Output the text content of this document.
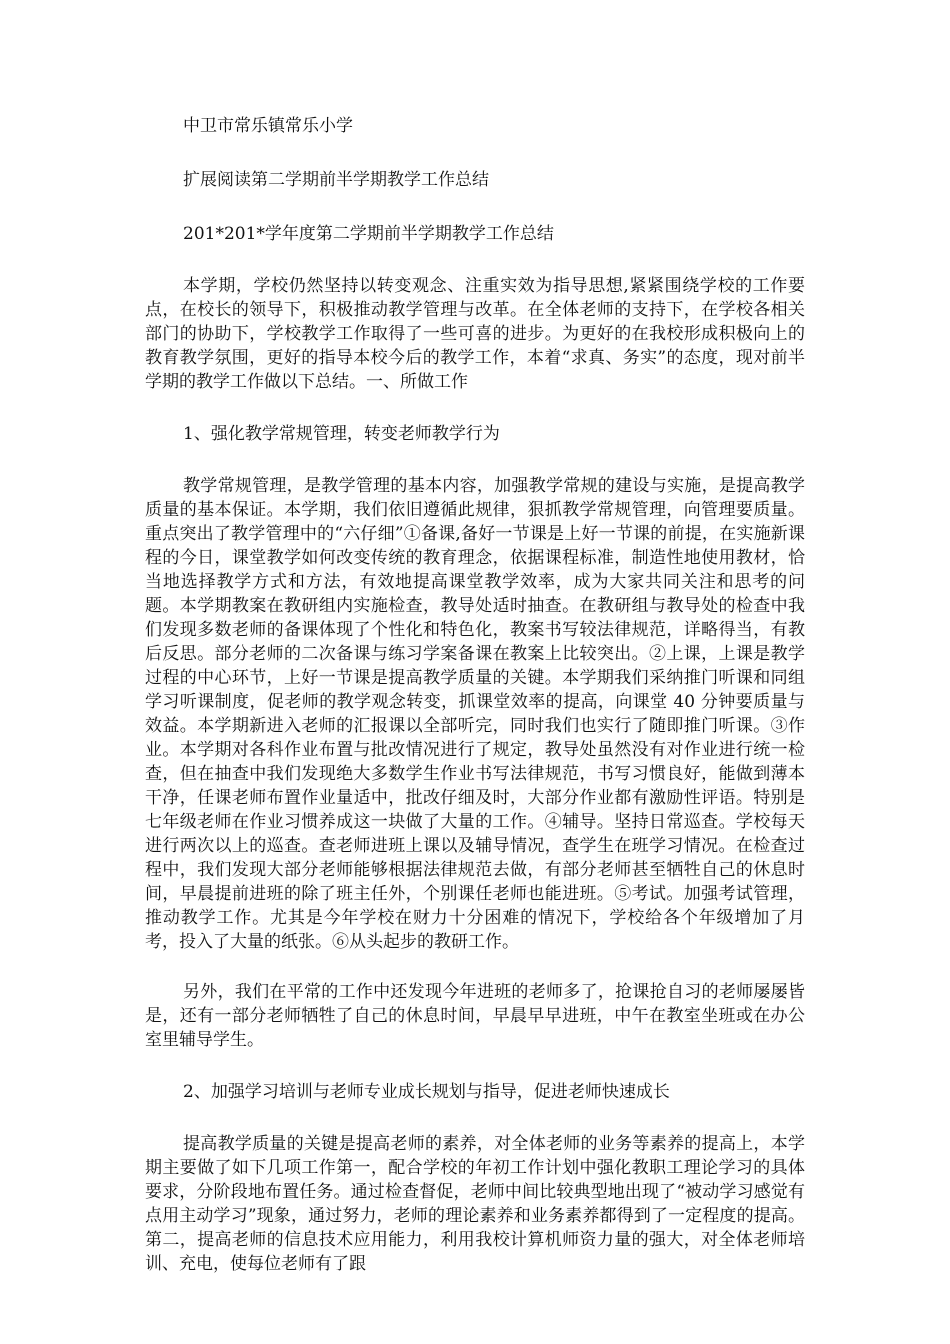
中卫市常乐镇常乐小学
扩展阅读第二学期前半学期教学工作总结
201*201*学年度第二学期前半学期教学工作总结

本学期，学校仍然坚持以转变观念、注重实效为指导思想,紧紧围绕学校的工作要点，在校长的领导下，积极推动教学管理与改革。在全体老师的支持下，在学校各相关部门的协助下，学校教学工作取得了一些可喜的进步。为更好的在我校形成积极向上的教育教学氛围，更好的指导本校今后的教学工作，本着“求真、务实”的态度，现对前半学期的教学工作做以下总结。一、所做工作

1、强化教学常规管理，转变老师教学行为

教学常规管理，是教学管理的基本内容，加强教学常规的建设与实施，是提高教学质量的基本保证。本学期，我们依旧遵循此规律，狠抓教学常规管理，向管理要质量。重点突出了教学管理中的“六仔细”①备课,备好一节课是上好一节课的前提，在实施新课程的今日，课堂教学如何改变传统的教育理念，依据课程标准，制造性地使用教材，恰当地选择教学方式和方法，有效地提高课堂教学效率，成为大家共同关注和思考的问题。本学期教案在教研组内实施检查，教导处适时抽查。在教研组与教导处的检查中我们发现多数老师的备课体现了个性化和特色化，教案书写较法律规范，详略得当，有教后反思。部分老师的二次备课与练习学案备课在教案上比较突出。②上课，上课是教学过程的中心环节，上好一节课是提高教学质量的关键。本学期我们采纳推门听课和同组学习听课制度，促老师的教学观念转变，抓课堂效率的提高，向课堂 40 分钟要质量与效益。本学期新进入老师的汇报课以全部听完，同时我们也实行了随即推门听课。③作业。本学期对各科作业布置与批改情况进行了规定，教导处虽然没有对作业进行统一检查，但在抽查中我们发现绝大多数学生作业书写法律规范，书写习惯良好，能做到薄本干净，任课老师布置作业量适中，批改仔细及时，大部分作业都有激励性评语。特别是七年级老师在作业习惯养成这一块做了大量的工作。④辅导。坚持日常巡查。学校每天进行两次以上的巡查。查老师进班上课以及辅导情况，查学生在班学习情况。在检查过程中，我们发现大部分老师能够根据法律规范去做，有部分老师甚至牺牲自己的休息时间，早晨提前进班的除了班主任外，个别课任老师也能进班。⑤考试。加强考试管理，推动教学工作。尤其是今年学校在财力十分困难的情况下，学校给各个年级增加了月考，投入了大量的纸张。⑥从头起步的教研工作。

另外，我们在平常的工作中还发现今年进班的老师多了，抢课抢自习的老师屡屡皆是，还有一部分老师牺牲了自己的休息时间，早晨早早进班，中午在教室坐班或在办公室里辅导学生。

2、加强学习培训与老师专业成长规划与指导，促进老师快速成长

提高教学质量的关键是提高老师的素养，对全体老师的业务等素养的提高上，本学期主要做了如下几项工作第一，配合学校的年初工作计划中强化教职工理论学习的具体要求，分阶段地布置任务。通过检查督促，老师中间比较典型地出现了“被动学习感觉有点用主动学习”现象，通过努力，老师的理论素养和业务素养都得到了一定程度的提高。第二，提高老师的信息技术应用能力，利用我校计算机师资力量的强大，对全体老师培训、充电，使每位老师有了跟
